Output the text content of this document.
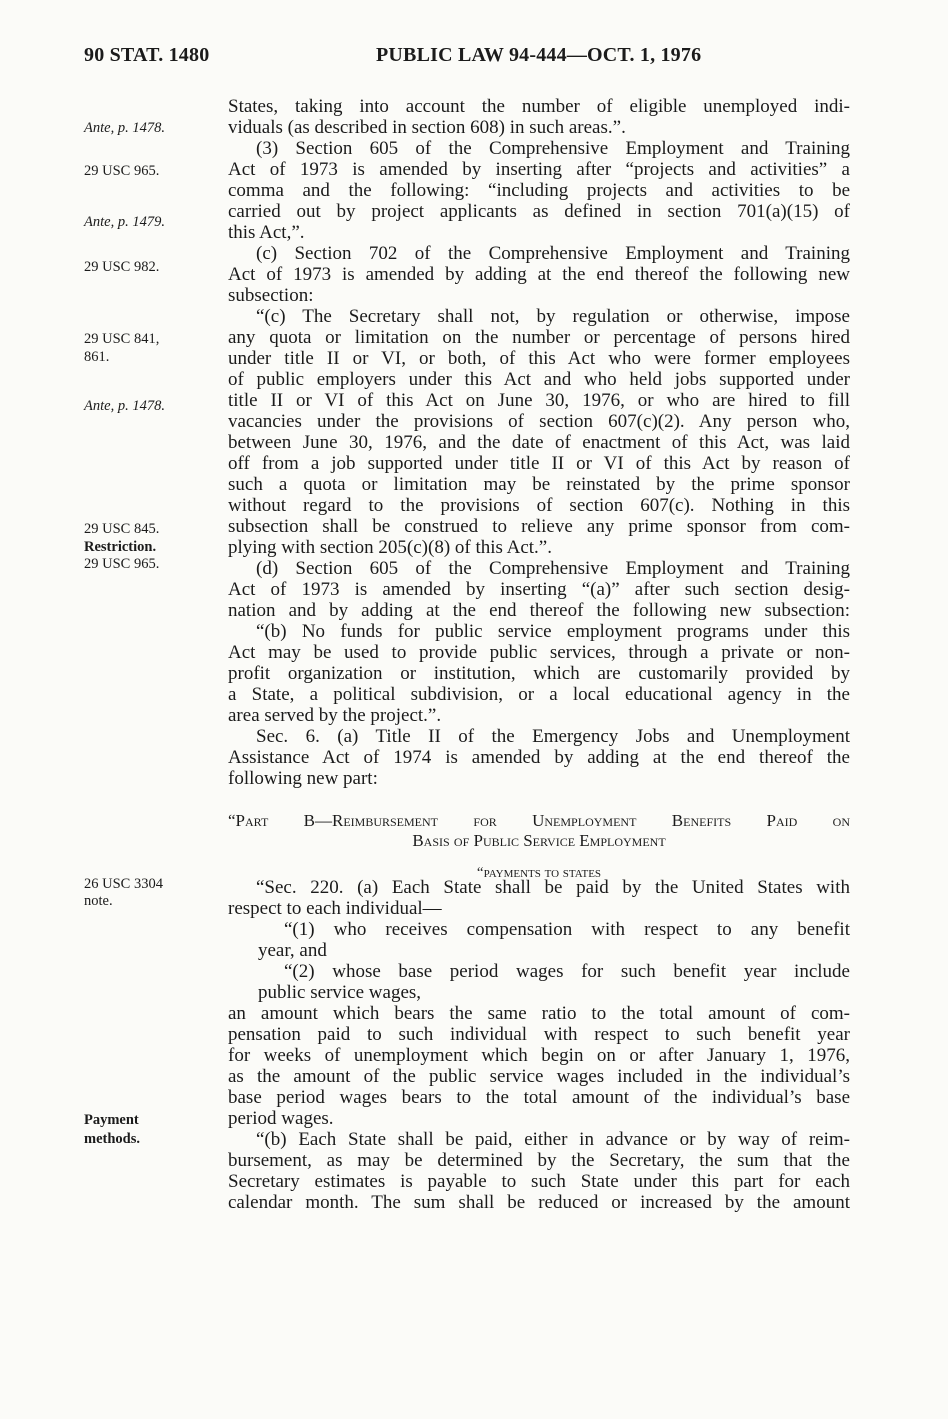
90 STAT. 1480	PUBLIC LAW 94-444—OCT. 1, 1976
Ante, p. 1478.
29 USC 965.
Ante, p. 1479.
29 USC 982.
29 USC 841,
861.
Ante, p. 1478.
29 USC 845.
Restriction.
29 USC 965.
26 USC 3304
note.
Payment
methods.
States, taking into account the number of eligible unemployed indi-
viduals (as described in section 608) in such areas.”.
(3) Section 605 of the Comprehensive Employment and Training
Act of 1973 is amended by inserting after “projects and activities” a
comma and the following: “including projects and activities to be
carried out by project applicants as defined in section 701(a)(15) of
this Act,”.
(c) Section 702 of the Comprehensive Employment and Training
Act of 1973 is amended by adding at the end thereof the following new
subsection:
“(c) The Secretary shall not, by regulation or otherwise, impose
any quota or limitation on the number or percentage of persons hired
under title II or VI, or both, of this Act who were former employees
of public employers under this Act and who held jobs supported under
title II or VI of this Act on June 30, 1976, or who are hired to fill
vacancies under the provisions of section 607(c)(2). Any person who,
between June 30, 1976, and the date of enactment of this Act, was laid
off from a job supported under title II or VI of this Act by reason of
such a quota or limitation may be reinstated by the prime sponsor
without regard to the provisions of section 607(c). Nothing in this
subsection shall be construed to relieve any prime sponsor from com-
plying with section 205(c)(8) of this Act.”.
(d) Section 605 of the Comprehensive Employment and Training
Act of 1973 is amended by inserting “(a)” after such section desig-
nation and by adding at the end thereof the following new subsection:
“(b) No funds for public service employment programs under this
Act may be used to provide public services, through a private or non-
profit organization or institution, which are customarily provided by
a State, a political subdivision, or a local educational agency in the
area served by the project.”.
Sec. 6. (a) Title II of the Emergency Jobs and Unemployment
Assistance Act of 1974 is amended by adding at the end thereof the
following new part:
“Part B—Reimbursement for Unemployment Benefits Paid on
Basis of Public Service Employment
“payments to states
“Sec. 220. (a) Each State shall be paid by the United States with
respect to each individual—
“(1) who receives compensation with respect to any benefit
year, and
“(2) whose base period wages for such benefit year include
public service wages,
an amount which bears the same ratio to the total amount of com-
pensation paid to such individual with respect to such benefit year
for weeks of unemployment which begin on or after January 1, 1976,
as the amount of the public service wages included in the individual’s
base period wages bears to the total amount of the individual’s base
period wages.
“(b) Each State shall be paid, either in advance or by way of reim-
bursement, as may be determined by the Secretary, the sum that the
Secretary estimates is payable to such State under this part for each
calendar month. The sum shall be reduced or increased by the amount
